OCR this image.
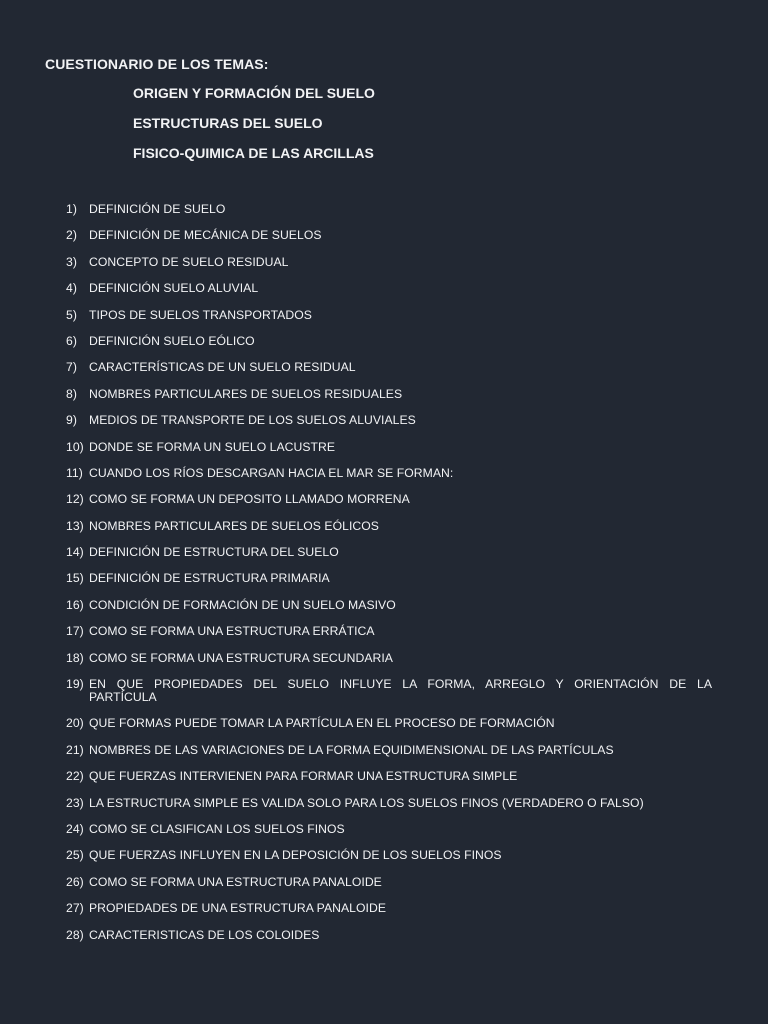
CUESTIONARIO DE LOS TEMAS:
ORIGEN Y FORMACIÓN DEL SUELO
ESTRUCTURAS DEL SUELO
FISICO-QUIMICA DE LAS ARCILLAS
1) DEFINICIÓN DE SUELO
2) DEFINICIÓN DE MECÁNICA DE SUELOS
3) CONCEPTO DE SUELO RESIDUAL
4) DEFINICIÓN SUELO ALUVIAL
5) TIPOS DE SUELOS TRANSPORTADOS
6) DEFINICIÓN SUELO EÓLICO
7) CARACTERÍSTICAS DE UN SUELO RESIDUAL
8) NOMBRES PARTICULARES DE SUELOS RESIDUALES
9) MEDIOS DE TRANSPORTE DE LOS SUELOS ALUVIALES
10) DONDE SE FORMA UN SUELO LACUSTRE
11) CUANDO LOS RÍOS DESCARGAN HACIA EL MAR SE FORMAN:
12) COMO SE FORMA UN DEPOSITO LLAMADO MORRENA
13) NOMBRES PARTICULARES DE SUELOS EÓLICOS
14) DEFINICIÓN DE ESTRUCTURA DEL SUELO
15) DEFINICIÓN DE ESTRUCTURA PRIMARIA
16) CONDICIÓN DE FORMACIÓN DE UN SUELO MASIVO
17) COMO SE FORMA UNA ESTRUCTURA ERRÁTICA
18) COMO SE FORMA UNA ESTRUCTURA SECUNDARIA
19) EN QUE PROPIEDADES DEL SUELO INFLUYE LA FORMA, ARREGLO Y ORIENTACIÓN DE LA
PARTÍCULA
20) QUE FORMAS PUEDE TOMAR LA PARTÍCULA EN EL PROCESO DE FORMACIÓN
21) NOMBRES DE LAS VARIACIONES DE LA FORMA EQUIDIMENSIONAL DE LAS PARTÍCULAS
22) QUE FUERZAS INTERVIENEN PARA FORMAR UNA ESTRUCTURA SIMPLE
23) LA ESTRUCTURA SIMPLE ES VALIDA SOLO PARA LOS SUELOS FINOS (VERDADERO O FALSO)
24) COMO SE CLASIFICAN LOS SUELOS FINOS
25) QUE FUERZAS INFLUYEN EN LA DEPOSICIÓN DE LOS SUELOS FINOS
26) COMO SE FORMA UNA ESTRUCTURA PANALOIDE
27) PROPIEDADES DE UNA ESTRUCTURA PANALOIDE
28) CARACTERISTICAS DE LOS COLOIDES
